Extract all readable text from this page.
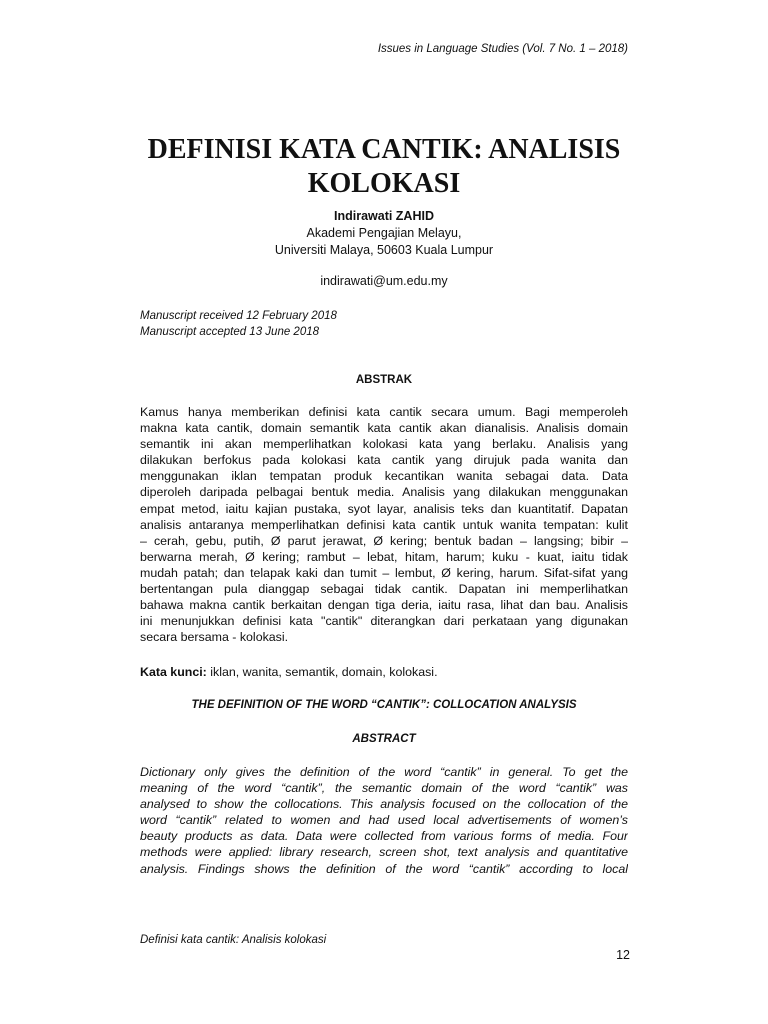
Issues in Language Studies (Vol. 7 No. 1 – 2018)
DEFINISI KATA CANTIK: ANALISIS
KOLOKASI
Indirawati ZAHID
Akademi Pengajian Melayu,
Universiti Malaya, 50603 Kuala Lumpur
indirawati@um.edu.my
Manuscript received 12 February 2018
Manuscript accepted 13 June 2018
ABSTRAK
Kamus hanya memberikan definisi kata cantik secara umum. Bagi memperoleh
makna kata cantik, domain semantik kata cantik akan dianalisis. Analisis domain
semantik ini akan memperlihatkan kolokasi kata yang berlaku. Analisis yang
dilakukan berfokus pada kolokasi kata cantik yang dirujuk pada wanita dan
menggunakan iklan tempatan produk kecantikan wanita sebagai data. Data
diperoleh daripada pelbagai bentuk media. Analisis yang dilakukan menggunakan
empat metod, iaitu kajian pustaka, syot layar, analisis teks dan kuantitatif. Dapatan
analisis antaranya memperlihatkan definisi kata cantik untuk wanita tempatan: kulit
– cerah, gebu, putih, Ø parut jerawat, Ø kering; bentuk badan – langsing; bibir –
berwarna merah, Ø kering; rambut – lebat, hitam, harum; kuku - kuat, iaitu tidak
mudah patah; dan telapak kaki dan tumit – lembut, Ø kering, harum. Sifat-sifat yang
bertentangan pula dianggap sebagai tidak cantik. Dapatan ini memperlihatkan
bahawa makna cantik berkaitan dengan tiga deria, iaitu rasa, lihat dan bau. Analisis
ini menunjukkan definisi kata "cantik" diterangkan dari perkataan yang digunakan
secara bersama - kolokasi.
Kata kunci: iklan, wanita, semantik, domain, kolokasi.
THE DEFINITION OF THE WORD “CANTIK”: COLLOCATION ANALYSIS
ABSTRACT
Dictionary only gives the definition of the word “cantik” in general. To get the
meaning of the word “cantik”, the semantic domain of the word “cantik” was
analysed to show the collocations. This analysis focused on the collocation of the
word “cantik” related to women and had used local advertisements of women’s
beauty products as data. Data were collected from various forms of media. Four
methods were applied: library research, screen shot, text analysis and quantitative
analysis. Findings shows the definition of the word “cantik” according to local
Definisi kata cantik: Analisis kolokasi
12
